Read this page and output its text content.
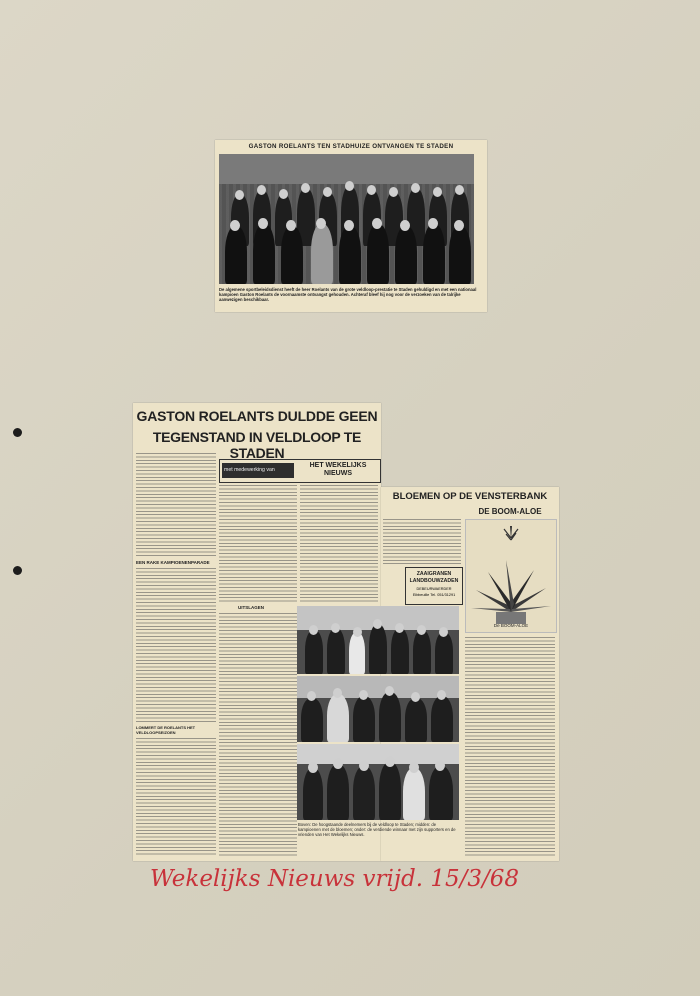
GASTON ROELANTS TEN STADHUIZE ONTVANGEN TE STADEN
De algemene sportbeleidsdienst heeft de heer Roelants van de grote veldloop-prestatie te Staden gehuldigd en met een nationaal kampioen Gaston Roelants de voornaamste ontvangst gehouden. Achteraf bleef hij nog voor de verzoeken van de talrijke aanwezigen beschikbaar.
GASTON ROELANTS DULDDE GEEN
TEGENSTAND IN VELDLOOP TE STADEN
met medewerking van
HET WEKELIJKS NIEUWS
EEN RAKE KAMPIOENENPARADE
LOMMERT DE ROELANTS HET VELDLOOPSEIZOEN
UITSLAGEN
BLOEMEN OP DE VENSTERBANK
DE BOOM-ALOE
ZAAIGRANEN
LANDBOUWZADEN
DEBEURWAERDER
Eibbeuille Tel. 051/31291
De BOOM-ALOE
Boven: De hoogstaande deelnemers bij de veldloop te Staden; midden: de kampioenen met de bloemen; onder: de verdiende winnaar met zijn supporters en de vrienden van Het Wekelijks Nieuws.
Wekelijks Nieuws vrijd. 15/3/68
